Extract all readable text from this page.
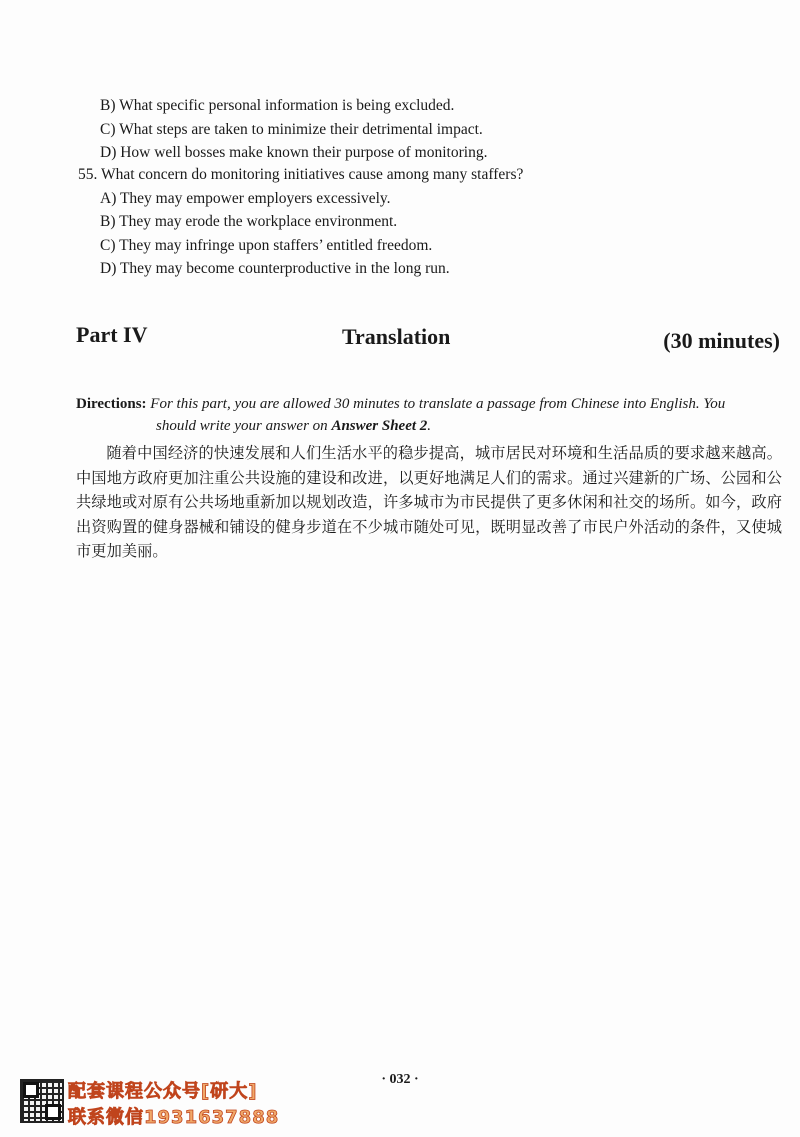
B) What specific personal information is being excluded.
C) What steps are taken to minimize their detrimental impact.
D) How well bosses make known their purpose of monitoring.
55. What concern do monitoring initiatives cause among many staffers?
A) They may empower employers excessively.
B) They may erode the workplace environment.
C) They may infringe upon staffers’ entitled freedom.
D) They may become counterproductive in the long run.
Part IV	Translation	(30 minutes)
Directions: For this part, you are allowed 30 minutes to translate a passage from Chinese into English. You
should write your answer on Answer Sheet 2.
随着中国经济的快速发展和人们生活水平的稳步提高，城市居民对环境和生活品质的要求越来越高。中国地方政府更加注重公共设施的建设和改进，以更好地满足人们的需求。通过兴建新的广场、公园和公共绿地或对原有公共场地重新加以规划改造，许多城市为市民提供了更多休闲和社交的场所。如今，政府出资购置的健身器械和铺设的健身步道在不少城市随处可见，既明显改善了市民户外活动的条件，又使城市更加美丽。
· 032 ·
配套课程公众号[研大]
联系微信1931637888
